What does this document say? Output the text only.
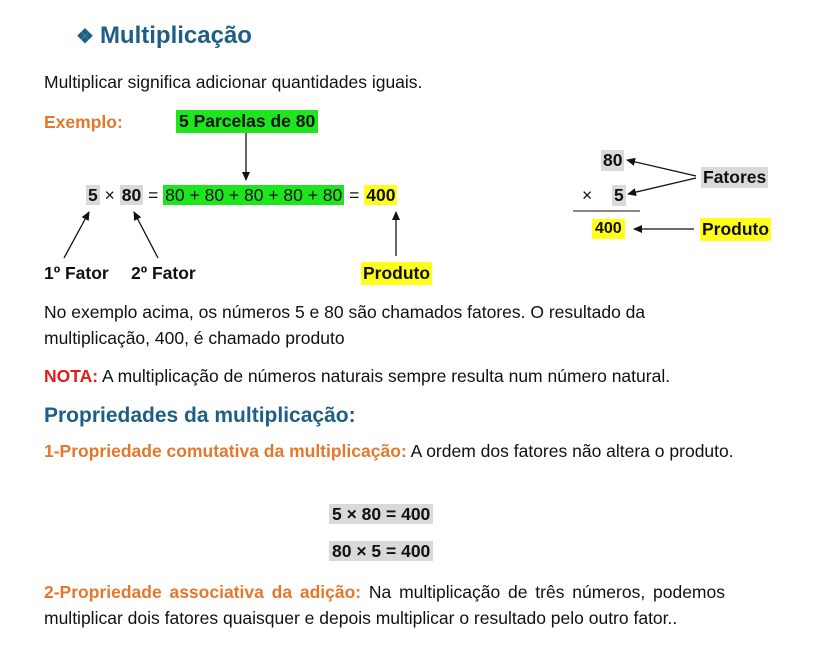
❖ Multiplicação
Multiplicar significa adicionar quantidades iguais.
Exemplo:	5 Parcelas de 80
5 × 80 = 80 + 80 + 80 + 80 + 80 = 400
1º Fator 2º Fator	Produto
80
× 5
400
Fatores
Produto
No exemplo acima, os números 5 e 80 são chamados fatores. O resultado da multiplicação, 400, é chamado produto
NOTA: A multiplicação de números naturais sempre resulta num número natural.
Propriedades da multiplicação:
1-Propriedade comutativa da multiplicação: A ordem dos fatores não altera o produto.
5 × 80 = 400
80 × 5 = 400
2-Propriedade associativa da adição: Na multiplicação de três números, podemos multiplicar dois fatores quaisquer e depois multiplicar o resultado pelo outro fator..
